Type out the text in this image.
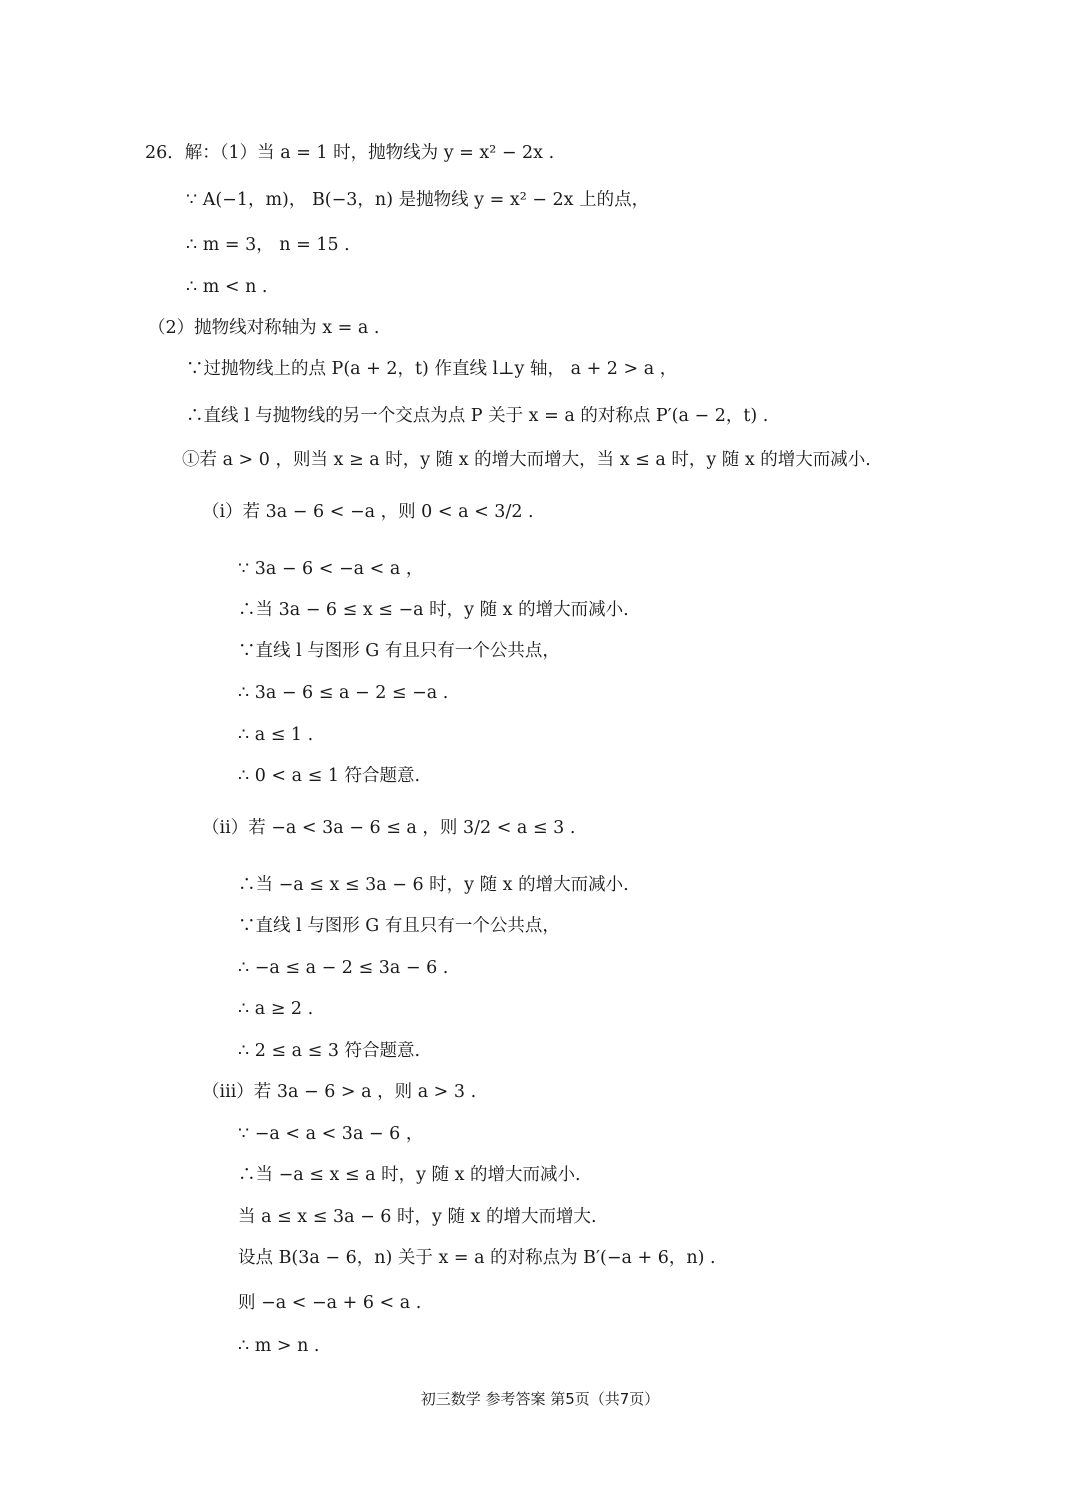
26．解：（1）当 a = 1 时，抛物线为 y = x² − 2x .
∵ A(−1，m)， B(−3，n) 是抛物线 y = x² − 2x 上的点，
∴ m = 3， n = 15 .
∴ m < n .
（2）抛物线对称轴为 x = a .
∵过抛物线上的点 P(a + 2，t) 作直线 l⊥y 轴， a + 2 > a ，
∴直线 l 与抛物线的另一个交点为点 P 关于 x = a 的对称点 P′(a − 2，t) .
①若 a > 0 ，则当 x ≥ a 时，y 随 x 的增大而增大，当 x ≤ a 时，y 随 x 的增大而减小.
（i）若 3a − 6 < −a ，则 0 < a < 3/2 .
∵ 3a − 6 < −a < a ，
∴当 3a − 6 ≤ x ≤ −a 时，y 随 x 的增大而减小.
∵直线 l 与图形 G 有且只有一个公共点，
∴ 3a − 6 ≤ a − 2 ≤ −a .
∴ a ≤ 1 .
∴ 0 < a ≤ 1 符合题意.
（ii）若 −a < 3a − 6 ≤ a ，则 3/2 < a ≤ 3 .
∴当 −a ≤ x ≤ 3a − 6 时，y 随 x 的增大而减小.
∵直线 l 与图形 G 有且只有一个公共点，
∴ −a ≤ a − 2 ≤ 3a − 6 .
∴ a ≥ 2 .
∴ 2 ≤ a ≤ 3 符合题意.
（iii）若 3a − 6 > a ，则 a > 3 .
∵ −a < a < 3a − 6 ，
∴当 −a ≤ x ≤ a 时，y 随 x 的增大而减小.
当 a ≤ x ≤ 3a − 6 时，y 随 x 的增大而增大.
设点 B(3a − 6，n) 关于 x = a 的对称点为 B′(−a + 6，n) .
则 −a < −a + 6 < a .
∴ m > n .
初三数学 参考答案 第5页（共7页）
